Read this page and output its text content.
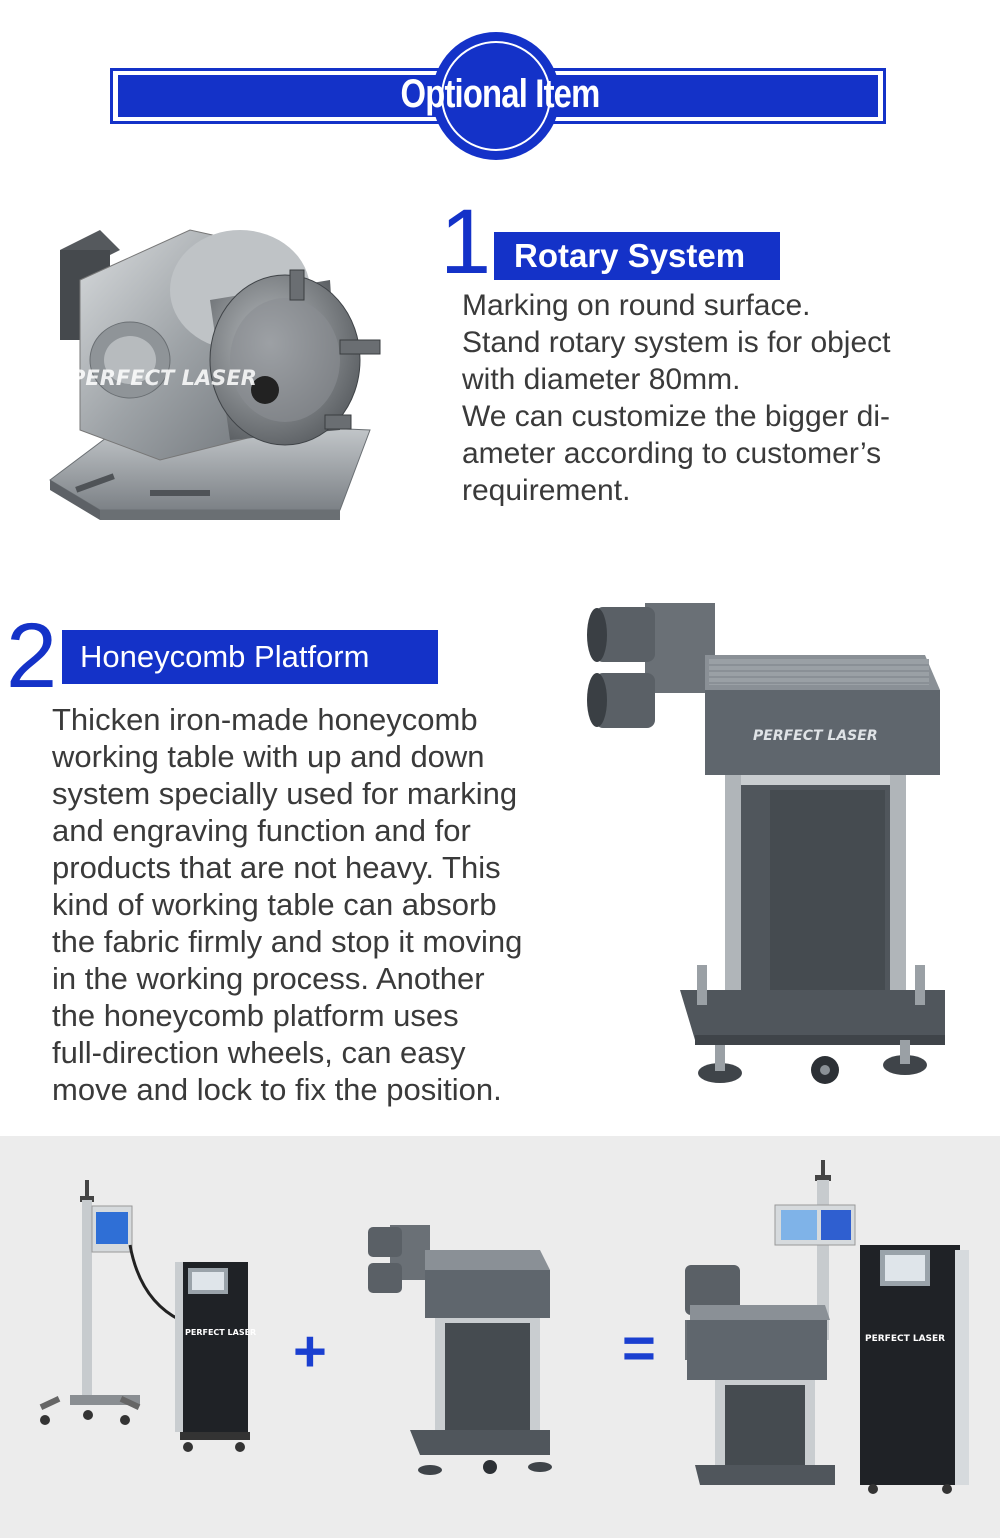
Optional Item
PERFECT LASER
1 Rotary System
Marking on round surface.
Stand rotary system is for object
with diameter 80mm.
We can customize the bigger di-
ameter according to customer’s
requirement.
2 Honeycomb Platform
Thicken iron-made honeycomb
working table with up and down
system specially used for marking
and engraving function and for
products that are not heavy. This
kind of working table can absorb
the fabric firmly and stop it moving
in the working process. Another
the honeycomb platform uses
full-direction wheels, can easy
move and lock to fix the position.
PERFECT LASER
PERFECT LASER +	=	PERFECT LASER
